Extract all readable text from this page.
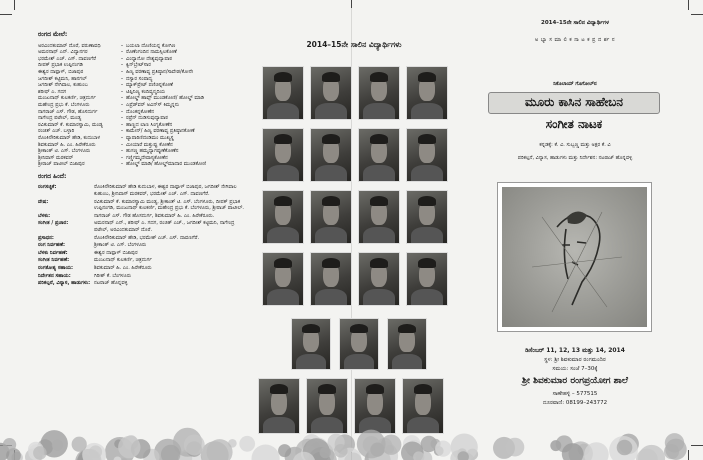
ರಂಗದ ಮೇಲೆ:
ಅರವಿಂದಕುಮಾರ್ ದೊರೆ, ವರುಣಾವಧಿ	– ಬಯಲಾ ದೊಣಿಯನ್ನ ಕೋಗಿಣ
ಅಮರನಾಥ್ ಎನ್. ವಿದ್ಯಾನಗರ	– ರೊಣೆಂಗಂದಿನ ನಾಮಸ್ಸಿಲಕೋಣೆ
ಭರಮೇಶ್ ಎಚ್. ಎಸ್. ದಾವಣಗೆರೆ	– ವಿಂಧ್ಯಾನೋ ದೇಶ್ಯವುದ್ಯಾಪಾಠ
ದೀಪಕ್ ಪ್ರಭಾಕ ಉಪ್ಪಿನಂಗಡಿ	– ಕ್ವಿನ್‌ಬ್ರೇಟ್‌ಸಾರ
ಈಶ್ವರ ದಾಪ್ಪಾಳ್, ಬಿಜಾಪುರ	– ಹಿಣ್ಯ ವರಣಾವ್ಯ ಪ್ರತಿಷ್ಠಾನ/ಸಾವೇಡ/ಕೋನೇ
ಜಗದೀಶ್ ಕಟ್ಟಿಮನಿ, ಹಾನಗಲ್	– ದಸ್ಯಾರ ಸಂಪಾದ್ಯ
ಜಗದೀಶ್ ನೇಗಿವಾಲ, ಕುಹುಂಬ	– ಮ್ಯಾಕ್‌ಪ್ರೇಟ್ ಪಣಿಚಿನ್ನಕೋಣೆ
ಶರೀಫ್ ಎ. ಗದಗ	– ಟಿಪ್ಪಿನಿಣ್ಯ ಕಂದಿವ್ಯನ್ಮದಿಯ
ಮಂಜುನಾಥ್ ಕುಲಕರ್ಣಿ, ಚಿತ್ರದುರ್ಗ	– ಹೋಲ್ಡ್ ಹಾವ್ಸ್ ಮುಂಡಕೋಣಿ/ ಹೋಲ್ಡ್ ಮಾಡಿ
ಮಹೇಂದ್ರ ಪ್ರಭು ಕೆ. ಬೆಂಗಳೂರು	– ಎಫ್ರೆಡ್‌ವರ್ ಅವಿನ್‌ಸ್ ಕಿಮ್ಮನ್ನನು
ನಾಗರಾಜ್ ಎಸ್. ಗೌಡ, ಹೊಸದುರ್ಗ	– ದೊಂಕನ್ನಕೋಣೆನ
ನಾಗೇಂದ್ರ ಪಟೇಲ್, ಮಂಡ್ಯ	– ರಫ್ರೆನ್ ದುಡಿಸುವುದ್ಯಾಪಾಠ
ರವಿಕುಮಾರ್ ಕೆ. ಕುಮಾರಸ್ವಾಮಿ, ಮಂಡ್ಯ	– ಹಾಣ್ಣದ ಲಾಣ ಸಿಂಗ್ಯಕೋಣೆನ
ರಂಜಿತ್ ಎಚ್. ಬಳ್ಳಾರಿ	– ಕಾಮೇನ್/ ಹಿಣ್ಯ ವರಣಾವ್ಯ ಪ್ರತಿಷ್ಠಾನಕೋಣೆ
ರೊಂಕಿನೌರಿಕುಮಾರ್ ಹೇಡಿ, ಕುದುಬಾಳ	– ವ್ಯಾಪಾರಿಣಿದಂಡಿಮಂ ಮುಖ್ಯಸ್ಥ
ಶಿವಕುಮಾರ್ ಹಿ. ಎಂ. ಹಿರೇಕೆರೂರು	– ಮೀಯಾರೆ ಮತ್ತುಪ್ಪು ಕೋಣೆನ
ಶ್ರೀಕಾಂತ್ ಟಿ. ಎಸ್. ಬೆಂಗಳೂರು	– ಹುಸಣ್ಣ ಹಮ್ಮದ್ಯಾಗಪ್ಪುಣೆಕೋಣೆನ
ಶ್ರೀನಿವಾಸ್ ಮರಕವರ್	– ಗಣ್ಣಿಗಮ್ಮದೇವಾಸ್ಯಕೋಣೆನ
ಶ್ರೀರಾಜ್ ಪಾಟೀಲ್ ಬಿಜಾಪುರ	– ಹೋಲ್ಡ್ ಮಾಡಿ/ ಹೋಲ್ಡ್‌ಮಾದಾರ ಮುಂಡಕೋಣಿ
ರಂಗದ ಹಿಂದೆ:
ರಂಗಸಜ್ಜಿಕೆ:	ರೊಂಕಿನೌರಿಕುಮಾರ್ ಹೇಡಿ ಕುದುಬಾಳ, ಈಶ್ವರ ದಾಪ್ಪಾಳ್ ಬಿಜಾಪುರ, ಜಗದೀಶ್ ನೇಗಿವಾಲ ಕುಹುಂಬ, ಶ್ರೀನಿವಾಸ್ ಮರಕವರ್, ಭರಮೇಶ್ ಎಚ್. ಎಸ್. ದಾವಣಗೆರೆ.
ವೇಷ:	ರವಿಕುಮಾರ್ ಕೆ. ಕುಮಾರಸ್ವಾಮಿ ಮಂಡ್ಯ, ಶ್ರೀಕಾಂತ್ ಟಿ. ಎಸ್. ಬೆಂಗಳೂರು, ದೀಪಕ್ ಪ್ರಭಾಕ ಉಪ್ಪಿನಂಗಡಿ, ಮಂಜುನಾಥ್ ಕುಲಕರ್ಣಿ, ಮಹೇಂದ್ರ ಪ್ರಭು ಕೆ. ಬೆಂಗಳೂರು, ಶ್ರೀರಾಜ್ ಪಾಟೀಲ್.
ಬೆಳಕು:	ನಾಗರಾಜ್ ಎಸ್. ಗೌಡ ಹೊಸದುರ್ಗ, ಶಿವಕುಮಾರ್ ಹಿ. ಎಂ. ಹಿರೇಕೆರೂರು.
ಸಂಗೀತ / ಪ್ರಚಾರ:	ಅಮರನಾಥ್ ಎನ್., ಶರೀಫ್ ಎ. ಗದಗ, ರಂಜಿತ್ ಎಚ್., ಜಗದೀಶ್ ಕಟ್ಟಿಮನಿ, ನಾಗೇಂದ್ರ ಪಟೇಲ್, ಅರವಿಂದಕುಮಾರ್ ದೊರೆ.
ಪ್ರಸಾಧನ:	ರೊಂಕಿನೌರಿಕುಮಾರ್ ಹೇಡಿ, ಭರಮೇಶ್ ಎಚ್. ಎಸ್. ದಾವಣಗೆರೆ.
ರಂಗ ನಿರ್ವಹಣೆ:	ಶ್ರೀಕಾಂತ್ ಟಿ. ಎಸ್. ಬೆಂಗಳೂರು
ಬೆಳಕು ನಿರ್ವಹಣೆ:	ಈಶ್ವರ ದಾಪ್ಪಾಳ್ ಬಿಜಾಪುರ
ಸಂಗೀತ ನಿರ್ವಹಣೆ:	ಮಂಜುನಾಥ್ ಕುಲಕರ್ಣಿ, ಚಿತ್ರದುರ್ಗ
ರಂಗಕೋಶ್ಯ ಸಹಾಯ:	ಶಿವಕುಮಾರ್ ಹಿ. ಎಂ. ಹಿರೇಕೆರೂರು
ನಿರ್ದೇಶನ ಸಹಾಯ:	ಗಿರೀಶ್ ಕೆ. ಬೆಂಗಳೂರು
ಪರಿಕಲ್ಪನೆ, ವಿನ್ಯಾಸ, ಹಾಡುಗಳು: ನಟರಾಜ್ ಹೊನ್ನವಳ್ಳಿ
2014–15ನೇ ಸಾಲಿನ ವಿದ್ಯಾರ್ಥಿಗಳು
2014–15ನೇ ಸಾಲಿನ ವಿದ್ಯಾರ್ಥಿಗಳ
ಅ ಭ್ಯಾ ಸ ಮಾ ಲಿ ಕ ನಾ ಟ ಕ ಪ್ರ ದ ರ್ಶ ನ
ನಿಕೊಲಾಯ್ ಗೊಗೋಲ್‌ನ
ಮೂರು ಕಾಸಿನ ಸಾಹೇಬನ
ಸಂಗೀತ ನಾಟಕ
ಕನ್ನಡಕ್ಕೆ: ಕೆ. ವಿ. ಸುಬ್ಬಣ್ಣ ಮತ್ತು ಅಕ್ಷರ ಕೆ. ವಿ
ಪರಿಕಲ್ಪನೆ, ವಿನ್ಯಾಸ, ಹಾಡುಗಳು ಮತ್ತು ನಿರ್ದೇಶನ: ನಟರಾಜ್ ಹೊನ್ನವಳ್ಳಿ
ಡಿಸೆಂಬರ್ 11, 12, 13 ಮತ್ತು 14, 2014
ಸ್ಥಳ: ಶ್ರೀ ಶಿವಕುಮಾರ ರಂಗಮಂದಿರ
ಸಮಯ: ಸಂಜೆ 7–30ಕ್ಕೆ
ಶ್ರೀ ಶಿವಕುಮಾರ ರಂಗಪ್ರಯೋಗ ಶಾಲೆ
ಸಾಣೇಹಳ್ಳಿ – 577515
ದೂರವಾಣಿ: 08199–243772
